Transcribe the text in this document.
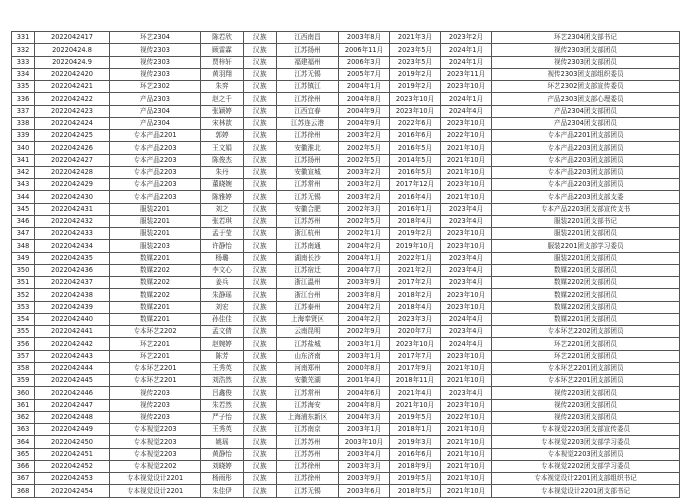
331	2022042417	环艺2304	陈若欣	汉族	江西南昌	2003年8月	2021年3月	2023年2月	环艺2304团支部书记
332	20220424.8	视传2303	顾雷霖	汉族	江苏扬州	2006年11月	2023年5月	2024年1月	视传2303团支部团员
333	20220424.9	视传2303	贾梓轩	汉族	福建福州	2006年3月	2023年5月	2024年1月	视传2303团支部团员
334	2022042420	视传2303	黄羽翔	汉族	江苏无锡	2005年7月	2019年2月	2023年11月	视传2303团支部组织委员
335	2022042421	环艺2302	朱弈	汉族	江苏镇江	2004年1月	2019年2月	2023年10月	环艺2302团支部宣传委员
336	2022042422	产品2303	赵之千	汉族	江苏徐州	2004年8月	2023年10月	2024年1月	产品2303团支部心理委员
337	2022042423	产品2304	张颖婷	汉族	江西宜春	2004年9月	2023年10月	2024年4月	产品2304团支部团员
338	2022042424	产品2304	宋林歆	汉族	江苏连云港	2004年9月	2022年6月	2023年10月	产品2304团支部团员
339	2022042425	专本产品2201	郭婷	汉族	江苏徐州	2003年2月	2016年6月	2022年10月	专本产品2201团支部团员
340	2022042426	专本产品2203	王文娟	汉族	安徽淮北	2002年5月	2016年5月	2021年10月	专本产品2203团支部团员
341	2022042427	专本产品2203	陈俊杰	汉族	江苏扬州	2002年5月	2014年5月	2021年10月	专本产品2203团支部团员
342	2022042428	专本产品2203	朱丹	汉族	安徽宣城	2003年2月	2016年5月	2021年10月	专本产品2203团支部团员
343	2022042429	专本产品2203	董晓婉	汉族	江苏常州	2003年2月	2017年12月	2023年10月	专本产品2203团支部团员
344	2022042430	专本产品2203	陈雅婷	汉族	江苏无锡	2003年2月	2016年4月	2021年10月	专本产品2203团支部支委
345	2022042431	服装2201	刘之	汉族	安徽合肥	2002年3月	2016年1月	2023年4月	专本产品2203团支部宣传支书
346	2022042432	服装2201	张若琪	汉族	江苏苏州	2002年5月	2018年4月	2023年4月	服装2201团支部书记
347	2022042433	服装2201	孟于莹	汉族	浙江杭州	2002年1月	2019年2月	2023年10月	服装2201团支部团员
348	2022042434	服装2203	许静怡	汉族	江苏南通	2004年2月	2019年10月	2023年10月	服装2201团支部学习委员
349	2022042435	数媒2201	杨璐	汉族	湖南长沙	2004年1月	2022年1月	2023年4月	服装2201团支部团员
350	2022042436	数媒2202	李文心	汉族	江苏宿迁	2004年7月	2021年2月	2023年4月	数媒2201团支部团员
351	2022042437	数媒2202	姜兵	汉族	浙江温州	2003年9月	2017年2月	2023年4月	数媒2202团支部团员
352	2022042438	数媒2202	朱静瑶	汉族	浙江台州	2003年8月	2018年2月	2023年10月	数媒2202团支部团员
353	2022042439	数媒2201	刘宏	汉族	江苏泰州	2004年2月	2018年4月	2023年10月	数媒2202团支部团员
354	2022042440	数媒2201	孙佳佳	汉族	上海奉贤区	2004年2月	2023年3月	2024年4月	数媒2201团支部团员
355	2022042441	专本环艺2202	孟文倩	汉族	云南昆明	2002年9月	2020年7月	2023年4月	专本环艺2202团支部团员
356	2022042442	环艺2201	赵婉婷	汉族	江苏盐城	2003年1月	2023年10月	2024年4月	环艺2201团支部团员
357	2022042443	环艺2201	陈芳	汉族	山东济南	2003年1月	2017年7月	2023年10月	环艺2201团支部团员
358	2022042444	专本环艺2201	王秀英	汉族	河南郑州	2000年8月	2017年9月	2021年10月	专本环艺2201团支部团员
359	2022042445	专本环艺2201	刘浩然	汉族	安徽芜湖	2001年4月	2018年11月	2021年10月	专本环艺2201团支部团员
360	2022042446	视传2203	吕鑫俊	汉族	江苏常州	2004年6月	2021年4月	2023年4月	视传2203团支部团员
361	2022042447	视传2203	朱若然	汉族	江苏海安	2004年8月	2021年10月	2023年10月	视传2203团支部团员
362	2022042448	视传2203	严子怡	汉族	上海浦东新区	2004年3月	2019年5月	2022年10月	视传2203团支部团员
363	2022042449	专本视觉2203	王秀英	汉族	江苏南京	2003年1月	2018年1月	2021年10月	专本视觉2203团支部宣传委员
364	2022042450	专本视觉2203	姚瑶	汉族	江苏苏州	2003年10月	2019年3月	2021年10月	专本视觉2203团支部学习委员
365	2022042451	专本视觉2203	黄静怡	汉族	江苏苏州	2003年4月	2016年6月	2021年10月	专本视觉2203团支部团员
366	2022042452	专本视觉2202	刘晓婷	汉族	江苏徐州	2003年3月	2018年9月	2021年10月	专本视觉2202团支部学习委员
367	2022042453	专本视觉设计2201	杨雨彤	汉族	江苏徐州	2003年9月	2019年5月	2021年10月	专本视觉设计2201团支部组织书记
368	2022042454	专本视觉设计2201	朱佳伊	汉族	江苏无锡	2003年6月	2018年5月	2021年10月	专本视觉设计2201团支部书记
